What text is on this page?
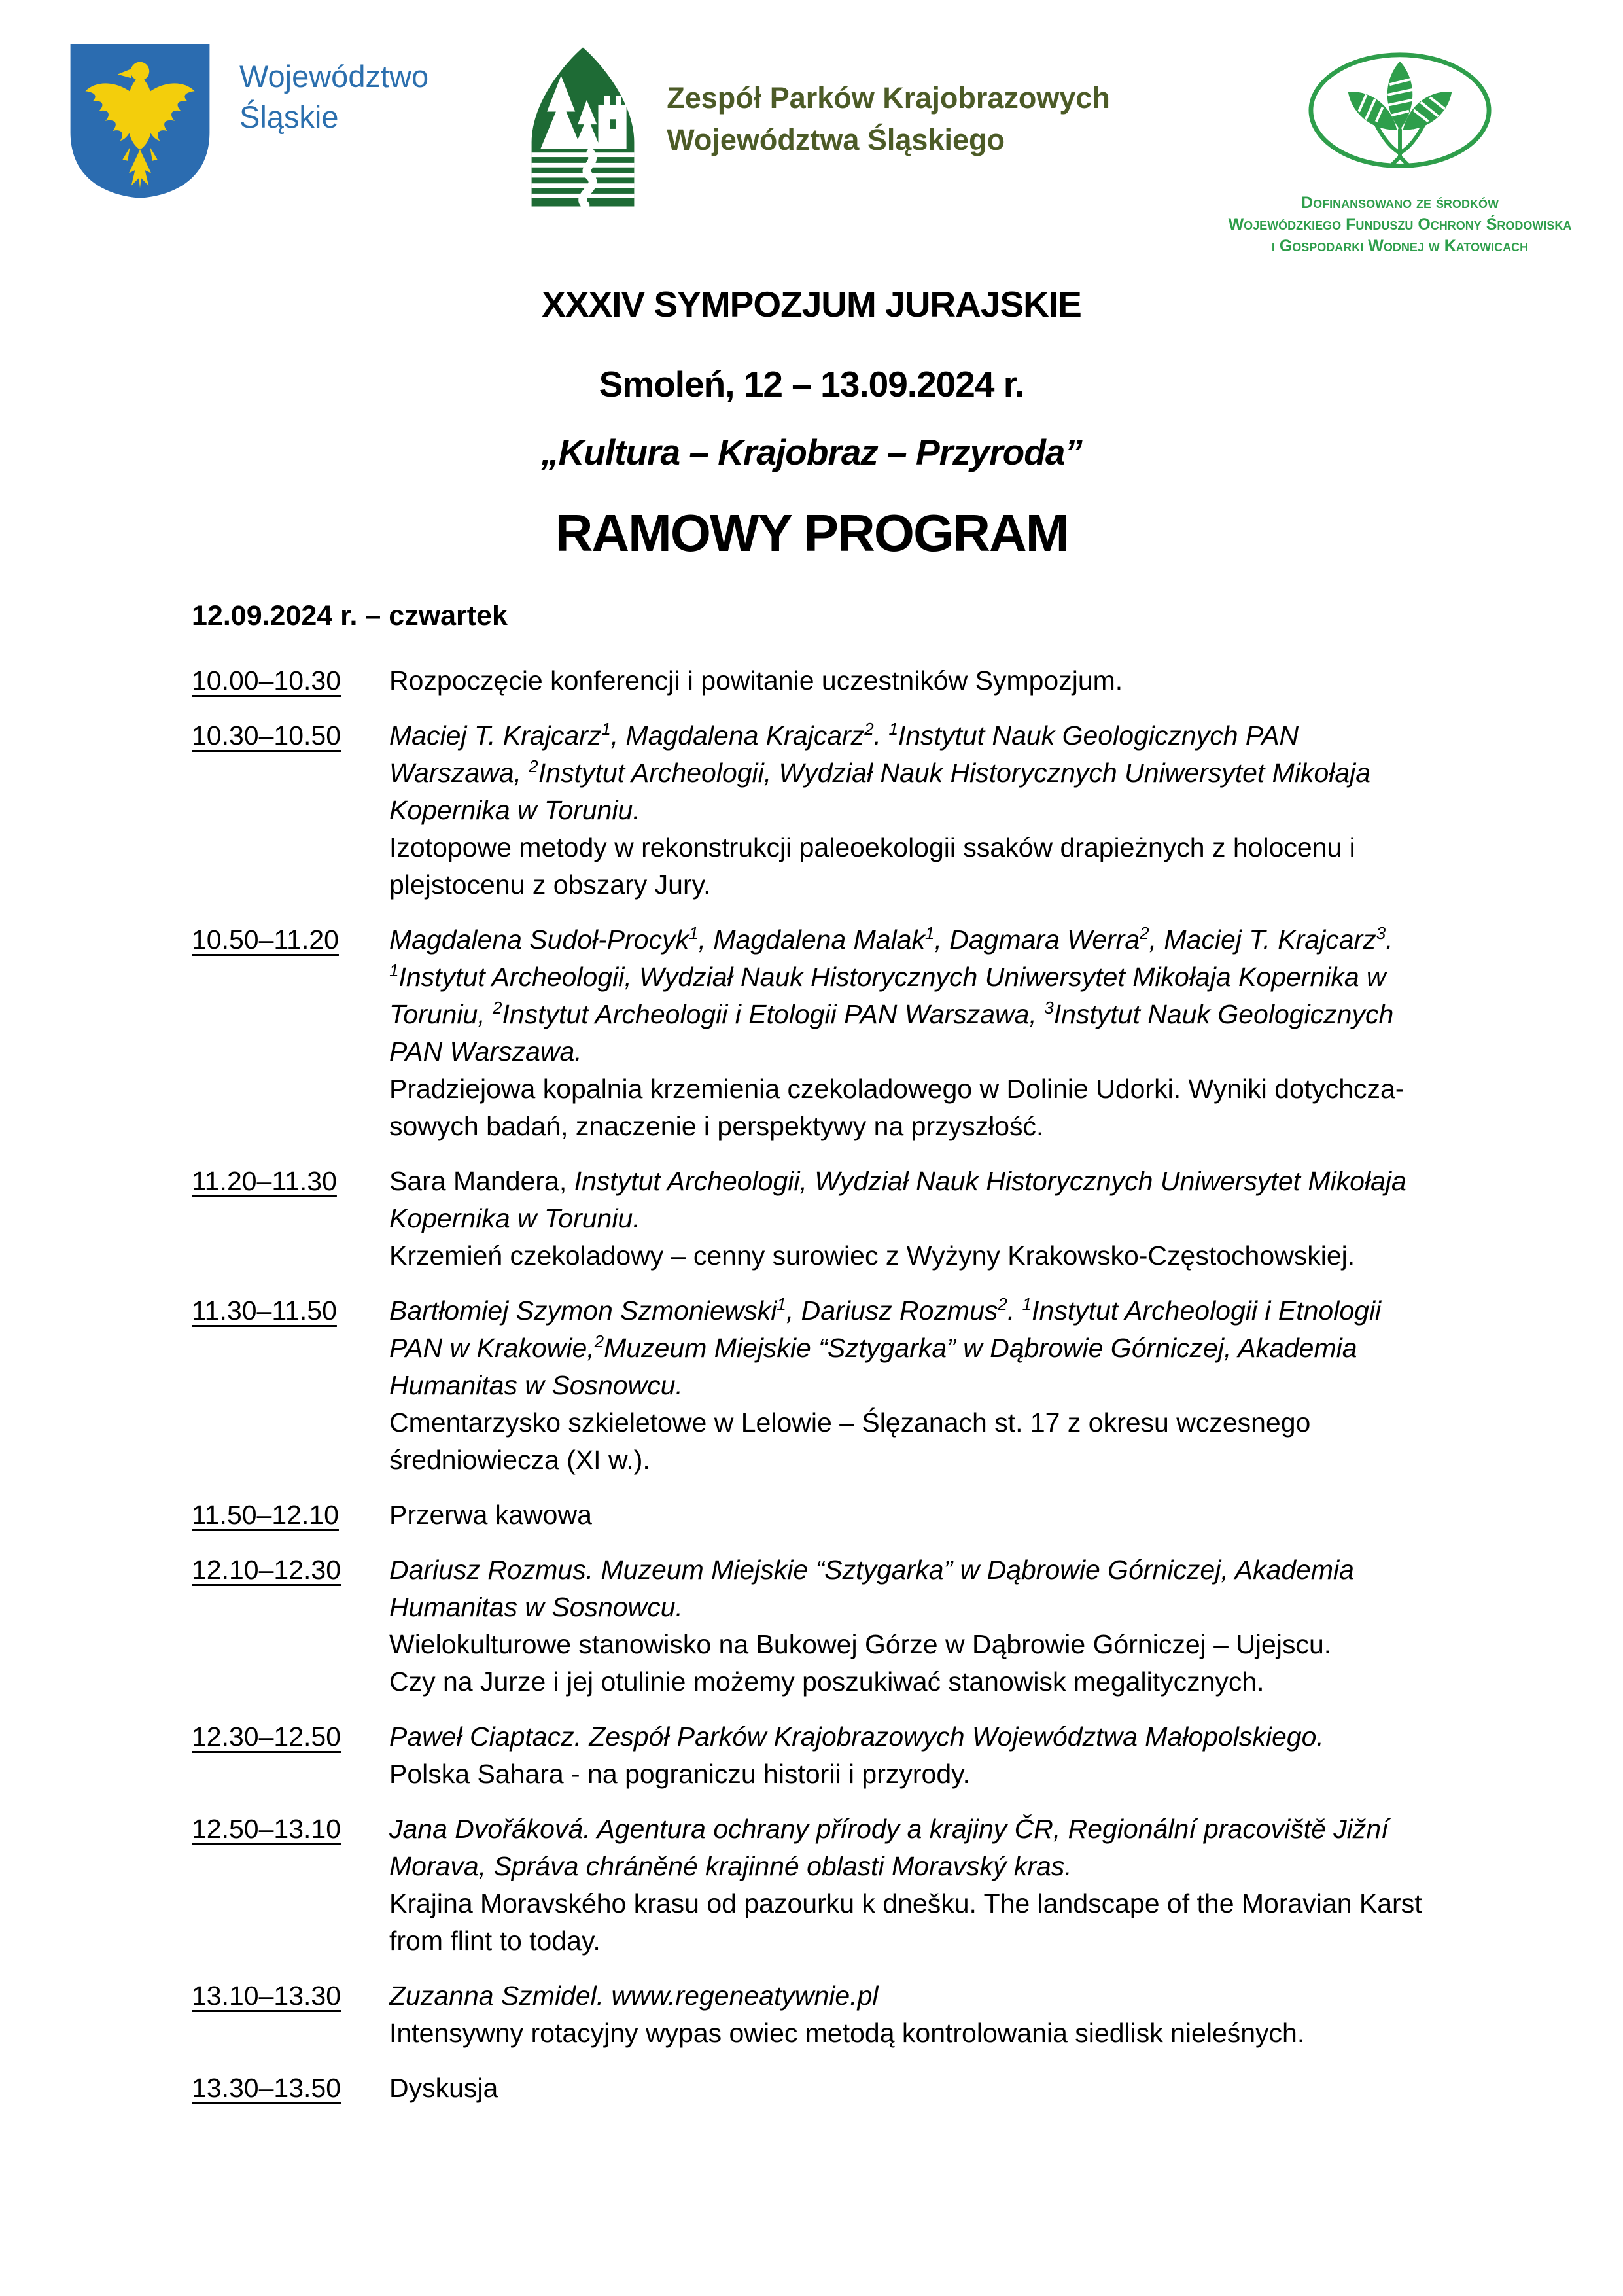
Województwo
Śląskie
Zespół Parków Krajobrazowych
Województwa Śląskiego
Dofinansowano ze środków
Wojewódzkiego Funduszu Ochrony Środowiska
i Gospodarki Wodnej w Katowicach
XXXIV SYMPOZJUM JURAJSKIE
Smoleń, 12 – 13.09.2024 r.
„Kultura – Krajobraz – Przyroda”
RAMOWY PROGRAM
12.09.2024 r. – czwartek
10.00–10.30	Rozpoczęcie konferencji i powitanie uczestników Sympozjum.

10.30–10.50	Maciej T. Krajcarz$^1$, Magdalena Krajcarz$^2$. $^1$Instytut Nauk Geologicznych PAN Warszawa, $^2$Instytut Archeologii, Wydział Nauk Historycznych Uniwersytet Mikołaja Kopernika w Toruniu.

Izotopowe metody w rekonstrukcji paleoekologii ssaków drapieżnych z holocenu i plejstocenu z obszary Jury.

10.50–11.20	Magdalena Sudoł-Procyk$^1$, Magdalena Malak$^1$, Dagmara Werra$^2$, Maciej T. Krajcarz$^3$. $^1$Instytut Archeologii, Wydział Nauk Historycznych Uniwersytet Mikołaja Kopernika w Toruniu, $^2$Instytut Archeologii i Etologii PAN Warszawa, $^3$Instytut Nauk Geologicznych PAN Warszawa.

Pradziejowa kopalnia krzemienia czekoladowego w Dolinie Udorki. Wyniki dotychcza-
sowych badań, znaczenie i perspektywy na przyszłość.

11.20–11.30	Sara Mandera, Instytut Archeologii, Wydział Nauk Historycznych Uniwersytet Mikołaja Kopernika w Toruniu.

Krzemień czekoladowy – cenny surowiec z Wyżyny Krakowsko-Częstochowskiej.

11.30–11.50	Bartłomiej Szymon Szmoniewski$^1$, Dariusz Rozmus$^2$. $^1$Instytut Archeologii i Etnologii PAN w Krakowie,$^2$Muzeum Miejskie “Sztygarka” w Dąbrowie Górniczej, Akademia Humanitas w Sosnowcu.

Cmentarzysko szkieletowe w Lelowie – Ślęzanach st. 17 z okresu wczesnego średniowiecza (XI w.).

11.50–12.10	Przerwa kawowa

12.10–12.30	Dariusz Rozmus. Muzeum Miejskie “Sztygarka” w Dąbrowie Górniczej, Akademia Humanitas w Sosnowcu.

Wielokulturowe stanowisko na Bukowej Górze w Dąbrowie Górniczej – Ujejscu.
Czy na Jurze i jej otulinie możemy poszukiwać stanowisk megalitycznych.

12.30–12.50	Paweł Ciaptacz. Zespół Parków Krajobrazowych Województwa Małopolskiego.

Polska Sahara - na pograniczu historii i przyrody.

12.50–13.10	Jana Dvořáková. Agentura ochrany přírody a krajiny ČR, Regionální pracoviště Jižní Morava, Správa chráněné krajinné oblasti Moravský kras.

Krajina Moravského krasu od pazourku k dnešku. The landscape of the Moravian Karst from flint to today.

13.10–13.30	Zuzanna Szmidel. www.regeneatywnie.pl

Intensywny rotacyjny wypas owiec metodą kontrolowania siedlisk nieleśnych.

13.30–13.50	Dyskusja
